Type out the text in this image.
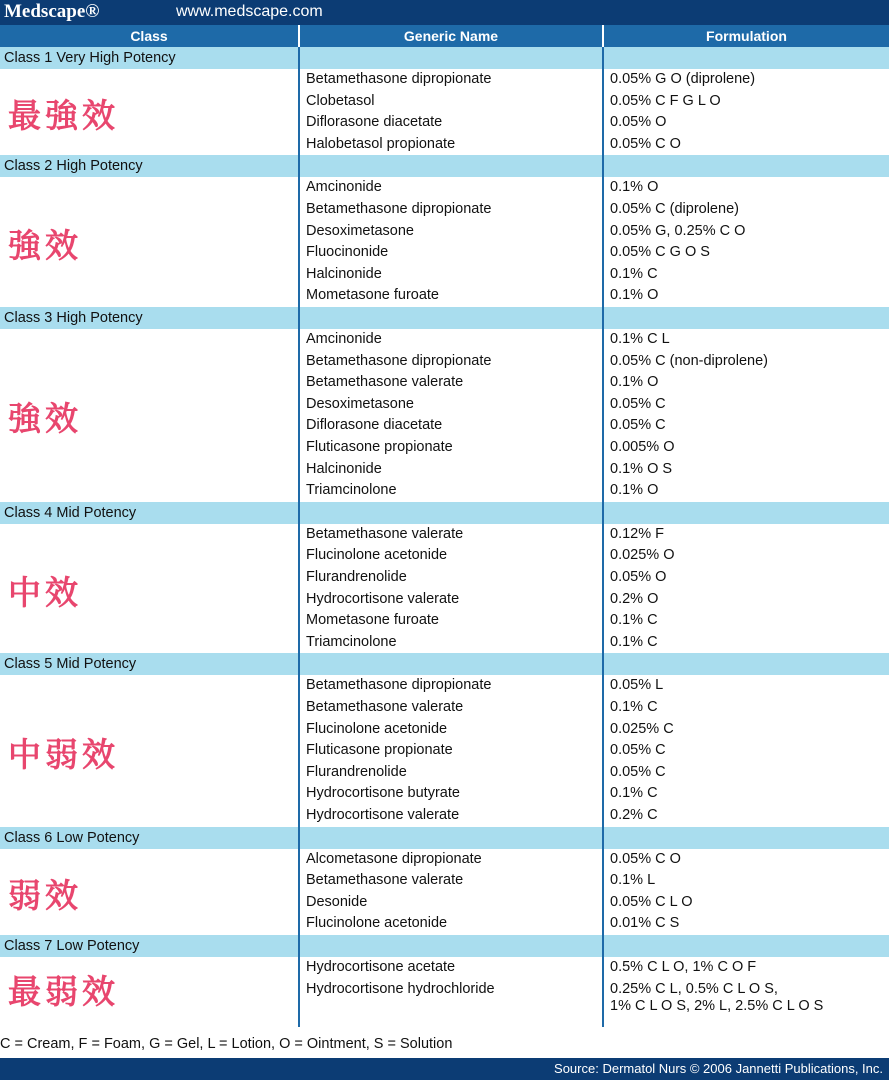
Medscape®	www.medscape.com
Class	Generic Name	Formulation
Class 1 Very High Potency
Betamethasone dipropionate	0.05% G O (diprolene)
Clobetasol	0.05% C F G L O
Diflorasone diacetate	0.05% O
Halobetasol propionate	0.05% C O
最強效
Class 2 High Potency
Amcinonide	0.1% O
Betamethasone dipropionate	0.05% C (diprolene)
Desoximetasone	0.05% G, 0.25% C O
Fluocinonide	0.05% C G O S
Halcinonide	0.1% C
Mometasone furoate	0.1% O
強效
Class 3 High Potency
Amcinonide	0.1% C L
Betamethasone dipropionate	0.05% C (non-diprolene)
Betamethasone valerate	0.1% O
Desoximetasone	0.05% C
Diflorasone diacetate	0.05% C
Fluticasone propionate	0.005% O
Halcinonide	0.1% O S
Triamcinolone	0.1% O
強效
Class 4 Mid Potency
Betamethasone valerate	0.12% F
Flucinolone acetonide	0.025% O
Flurandrenolide	0.05% O
Hydrocortisone valerate	0.2% O
Mometasone furoate	0.1% C
Triamcinolone	0.1% C
中效
Class 5 Mid Potency
Betamethasone dipropionate	0.05% L
Betamethasone valerate	0.1% C
Flucinolone acetonide	0.025% C
Fluticasone propionate	0.05% C
Flurandrenolide	0.05% C
Hydrocortisone butyrate	0.1% C
Hydrocortisone valerate	0.2% C
中弱效
Class 6 Low Potency
Alcometasone dipropionate	0.05% C O
Betamethasone valerate	0.1% L
Desonide	0.05% C L O
Flucinolone acetonide	0.01% C S
弱效
Class 7 Low Potency
Hydrocortisone acetate	0.5% C L O, 1% C O F
Hydrocortisone hydrochloride	0.25% C L, 0.5% C L O S,
1% C L O S, 2% L, 2.5% C L O S
最弱效
C = Cream, F = Foam, G = Gel, L = Lotion, O = Ointment, S = Solution
Source: Dermatol Nurs © 2006 Jannetti Publications, Inc.
